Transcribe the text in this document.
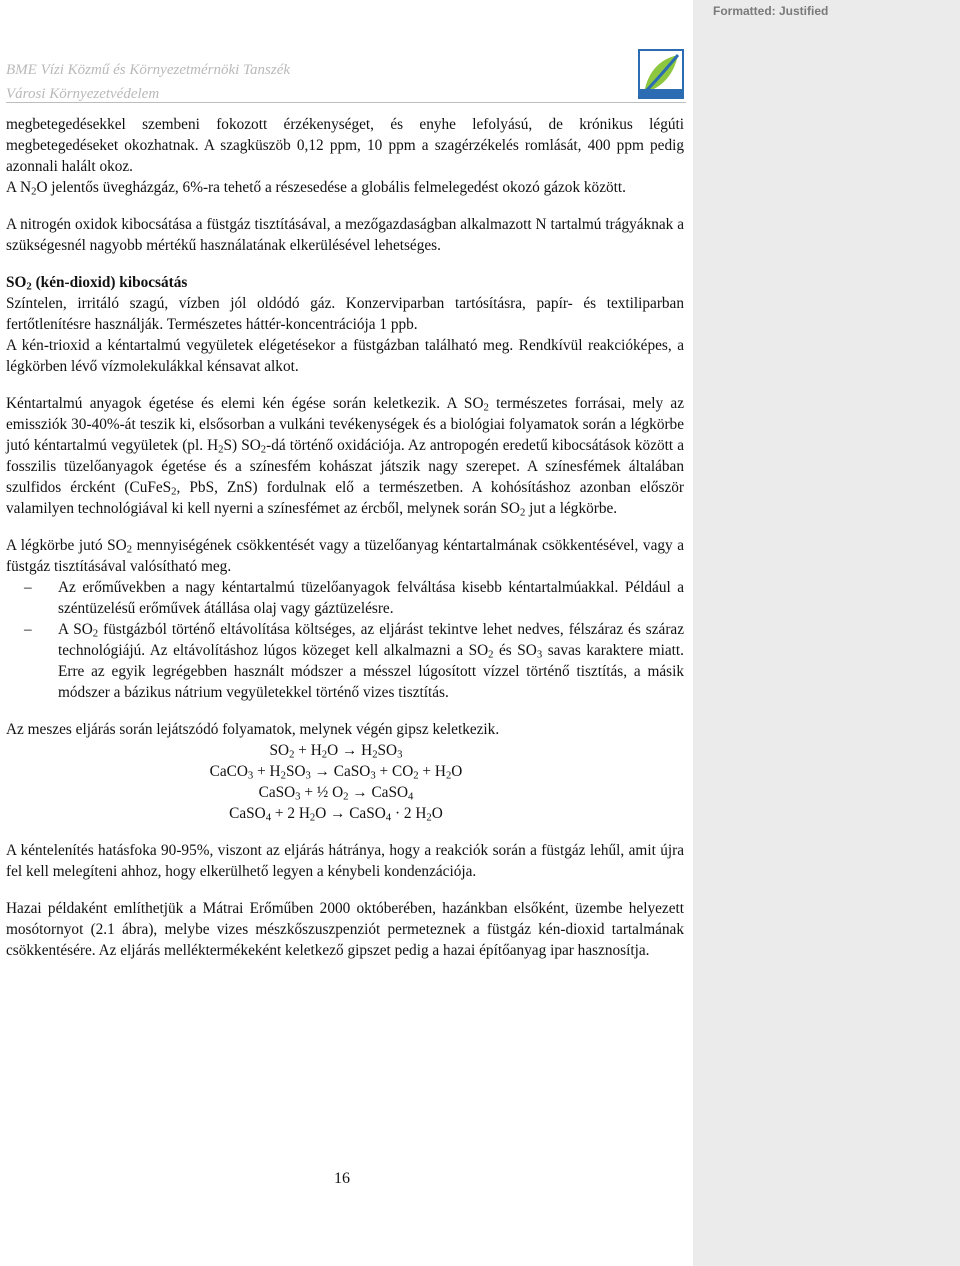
Formatted: Justified
BME Vízi Közmű és Környezetmérnöki Tanszék
Városi Környezetvédelem

megbetegedésekkel szembeni fokozott érzékenységet, és enyhe lefolyású, de krónikus légúti megbetegedéseket okozhatnak. A szagküszöb 0,12 ppm, 10 ppm a szagérzékelés romlását, 400 ppm pedig azonnali halált okoz.

A $N_2O$ jelentős üvegházgáz, 6%-ra tehető a részesedése a globális felmelegedést okozó gázok között.

A nitrogén oxidok kibocsátása a füstgáz tisztításával, a mezőgazdaságban alkalmazott N tartalmú trágyáknak a szükségesnél nagyobb mértékű használatának elkerülésével lehetséges.

$SO_2$ (kén-dioxid) kibocsátás

Színtelen, irritáló szagú, vízben jól oldódó gáz. Konzerviparban tartósításra, papír- és textiliparban fertőtlenítésre használják. Természetes háttér-koncentrációja 1 ppb.

A kén-trioxid a kéntartalmú vegyületek elégetésekor a füstgázban található meg. Rendkívül reakcióképes, a légkörben lévő vízmolekulákkal kénsavat alkot.

Kéntartalmú anyagok égetése és elemi kén égése során keletkezik. A $SO_2$ természetes forrásai, mely az emissziók 30-40%-át teszik ki, elsősorban a vulkáni tevékenységek és a biológiai folyamatok során a légkörbe jutó kéntartalmú vegyületek (pl. $H_2S$) $SO_2-dá$ történő oxidációja. Az antropogén eredetű kibocsátások között a fosszilis tüzelőanyagok égetése és a színesfém kohászat játszik nagy szerepet. A színesfémek általában szulfidos ércként (CuFeS$_2$, PbS, ZnS) fordulnak elő a természetben. A kohósításhoz azonban először valamilyen technológiával ki kell nyerni a színesfémet az ércből, melynek során $SO_2$ jut a légkörbe.

A légkörbe jutó $SO_2$ mennyiségének csökkentését vagy a tüzelőanyag kéntartalmának csökkentésével, vagy a füstgáz tisztításával valósítható meg.

– Az erőművekben a nagy kéntartalmú tüzelőanyagok felváltása kisebb kéntartalmúakkal. Például a széntüzelésű erőművek átállása olaj vagy gáztüzelésre.
– A $SO_2$ füstgázból történő eltávolítása költséges, az eljárást tekintve lehet nedves, félszáraz és száraz technológiájú. Az eltávolításhoz lúgos közeget kell alkalmazni a $SO_2$ és $SO_3$ savas karaktere miatt. Erre az egyik legrégebben használt módszer a mésszel lúgosított vízzel történő tisztítás, a másik módszer a bázikus nátrium vegyületekkel történő vizes tisztítás.

Az meszes eljárás során lejátszódó folyamatok, melynek végén gipsz keletkezik.

$SO_2 + H_2O \to H_2SO_3$

CaCO$_3$ + $H_2SO_3$ → CaSO$_3$ + $CO_2 + H_2O$

CaSO$_3$ + ½ $O_2$ → CaSO$_4$

CaSO$_4$ + 2 $H_2O$ → CaSO$_4$ · 2 $H_2O$

A kéntelenítés hatásfoka 90-95%, viszont az eljárás hátránya, hogy a reakciók során a füstgáz lehűl, amit újra fel kell melegíteni ahhoz, hogy elkerülhető legyen a kénybeli kondenzációja.

Hazai példaként említhetjük a Mátrai Erőműben 2000 októberében, hazánkban elsőként, üzembe helyezett mosótornyot (2.1 ábra), melybe vizes mészkőszuszpenziót permeteznek a füstgáz kén-dioxid tartalmának csökkentésére. Az eljárás melléktermékeként keletkező gipszet pedig a hazai építőanyag ipar hasznosítja.

16
